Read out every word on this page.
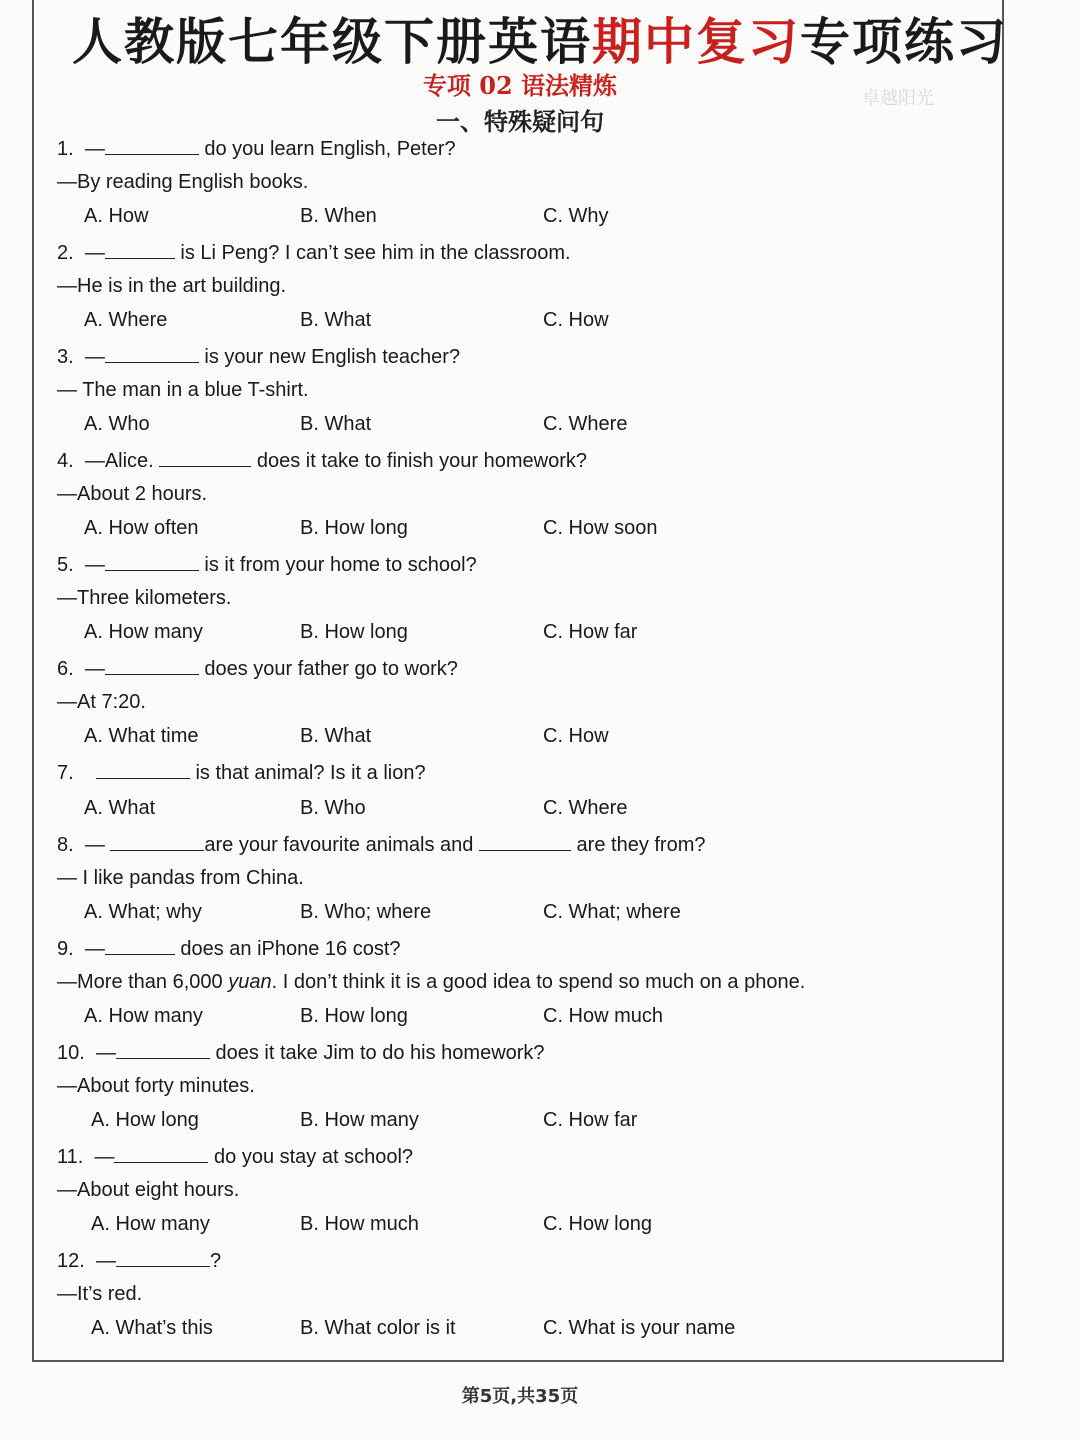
人教版七年级下册英语期中复习专项练习
专项 02 语法精炼
一、特殊疑问句
卓越阳光
1. —	do you learn English, Peter?
—By reading English books.
A. How	B. When	C. Why
2. —	is Li Peng? I can’t see him in the classroom.
—He is in the art building.
A. Where	B. What	C. How
3. —	is your new English teacher?
— The man in a blue T-shirt.
A. Who	B. What	C. Where
4. —Alice.	does it take to finish your homework?
—About 2 hours.
A. How often	B. How long	C. How soon
5. —	is it from your home to school?
—Three kilometers.
A. How many	B. How long	C. How far
6. —	does your father go to work?
—At 7:20.
A. What time	B. What	C. How
7.	is that animal? Is it a lion?
A. What	B. Who	C. Where
8. —	are your favourite animals and	are they from?
— I like pandas from China.
A. What; why	B. Who; where	C. What; where
9. —	does an iPhone 16 cost?
—More than 6,000 yuan. I don’t think it is a good idea to spend so much on a phone.
A. How many	B. How long	C. How much
10. —	does it take Jim to do his homework?
—About forty minutes.
A. How long	B. How many	C. How far
11. —	do you stay at school?
—About eight hours.
A. How many	B. How much	C. How long
12. —	?
—It’s red.
A. What’s this	B. What color is it	C. What is your name
第5页,共35页
